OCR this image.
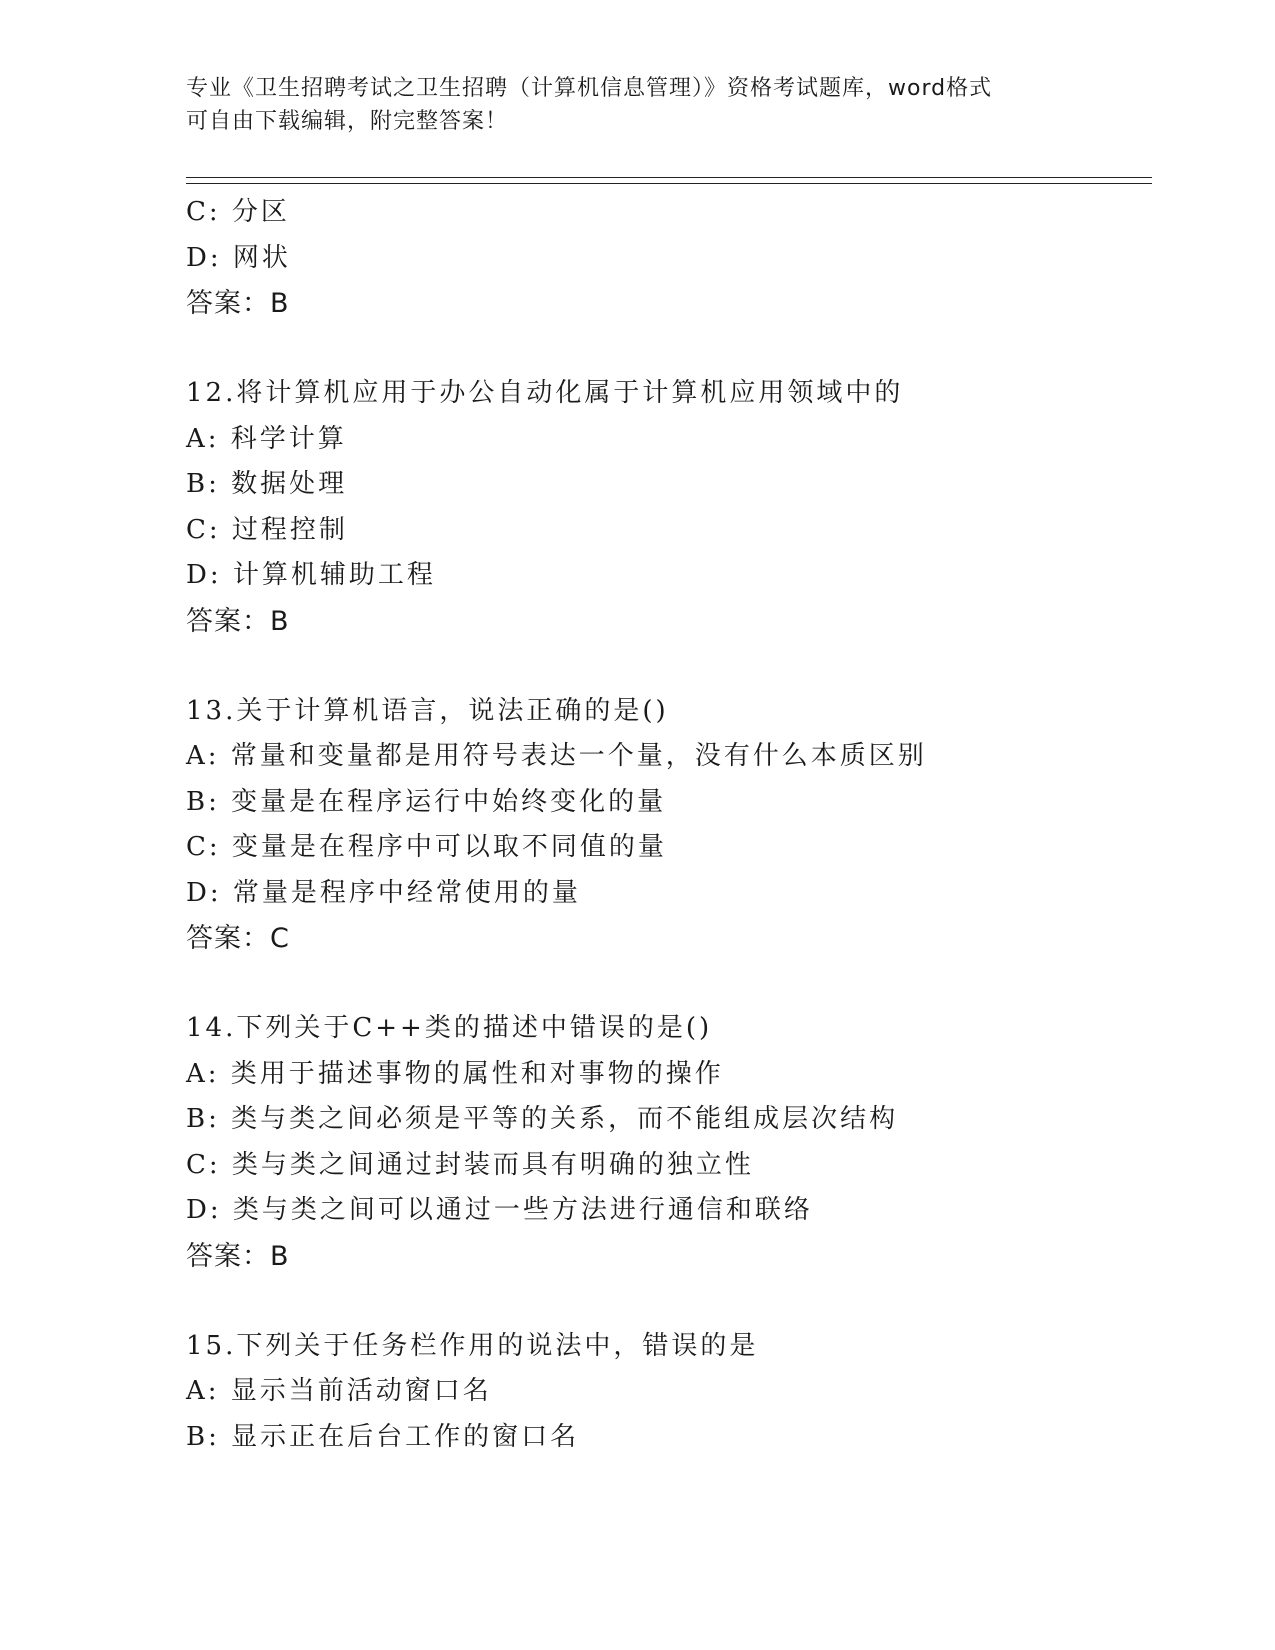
专业《卫生招聘考试之卫生招聘（计算机信息管理）》资格考试题库，word格式
可自由下载编辑，附完整答案！
C: 分区
D: 网状
答案：B
12.将计算机应用于办公自动化属于计算机应用领域中的
A: 科学计算
B: 数据处理
C: 过程控制
D: 计算机辅助工程
答案：B
13.关于计算机语言，说法正确的是()
A: 常量和变量都是用符号表达一个量，没有什么本质区别
B: 变量是在程序运行中始终变化的量
C: 变量是在程序中可以取不同值的量
D: 常量是程序中经常使用的量
答案：C
14.下列关于C++类的描述中错误的是()
A: 类用于描述事物的属性和对事物的操作
B: 类与类之间必须是平等的关系，而不能组成层次结构
C: 类与类之间通过封装而具有明确的独立性
D: 类与类之间可以通过一些方法进行通信和联络
答案：B
15.下列关于任务栏作用的说法中，错误的是
A: 显示当前活动窗口名
B: 显示正在后台工作的窗口名
